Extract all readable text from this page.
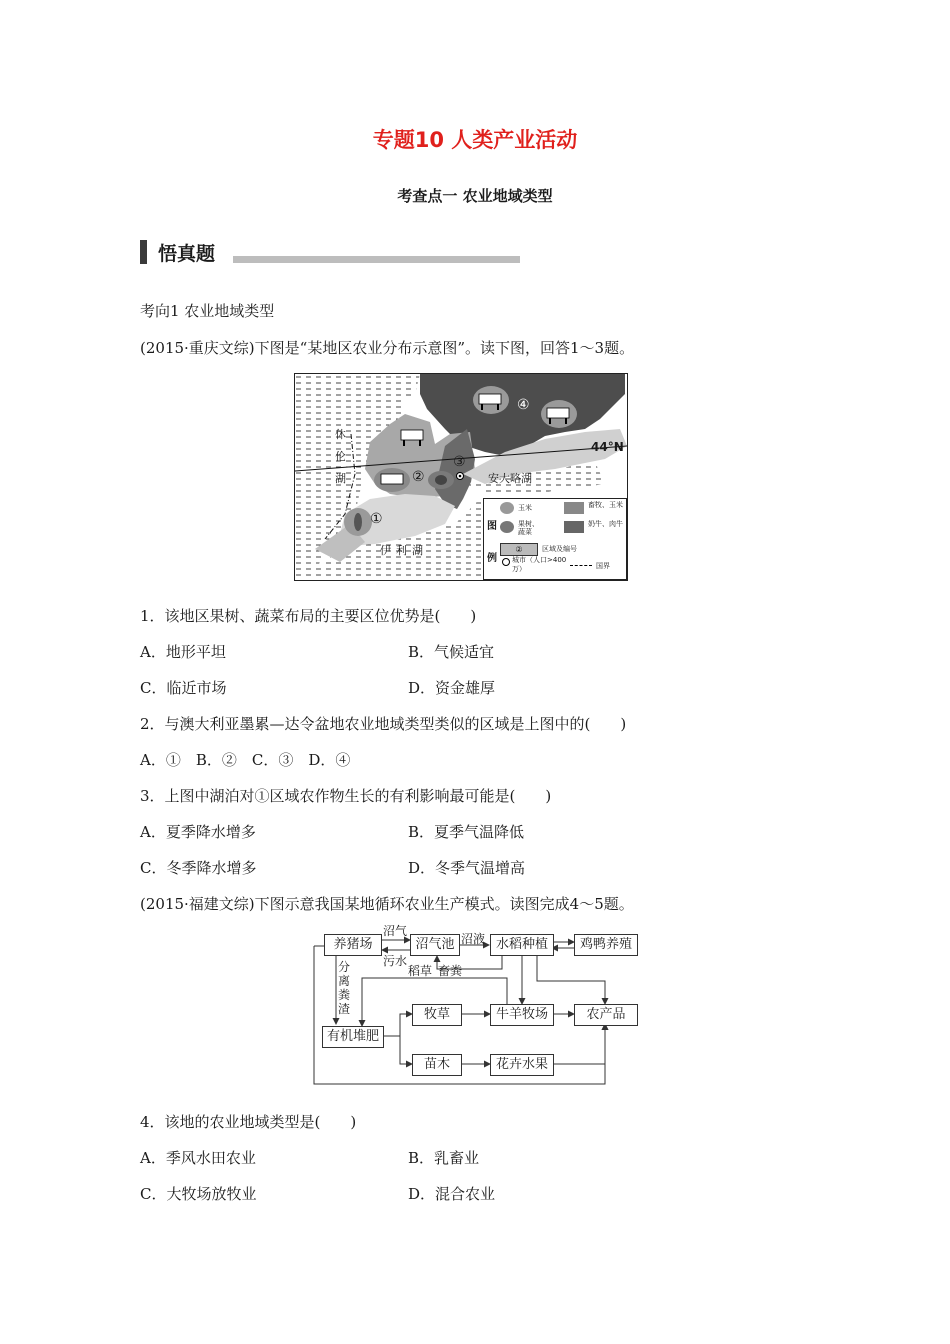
专题10 人类产业活动
考查点一 农业地域类型
悟真题
考向1 农业地域类型
(2015·重庆文综)下图是“某地区农业分布示意图”。读下图，回答1～3题。
休伦湖	安大略湖
伊利湖
44°N
①
②
③
④
图
例
玉米	畜牧、玉米
果树、蔬菜
奶牛、肉牛
②	区域及编号
城市（人口>400万）	国界
1．该地区果树、蔬菜布局的主要区位优势是(　　)
A．地形平坦	B．气候适宜
C．临近市场	D．资金雄厚
2．与澳大利亚墨累—达令盆地农业地域类型类似的区域是上图中的(　　)
A．①　B．②　C．③　D．④
3．上图中湖泊对①区域农作物生长的有利影响最可能是(　　)
A．夏季降水增多	B．夏季气温降低
C．冬季降水增多	D．冬季气温增高
(2015·福建文综)下图示意我国某地循环农业生产模式。读图完成4～5题。
养猪场	沼气池	水稻种植	鸡鸭养殖
有机堆肥
牧草	牛羊牧场	农产品
苗木	花卉水果
沼气
污水
沼液
稻草 畜粪
分
离
粪
渣
4．该地的农业地域类型是(　　)
A．季风水田农业	B．乳畜业
C．大牧场放牧业	D．混合农业
